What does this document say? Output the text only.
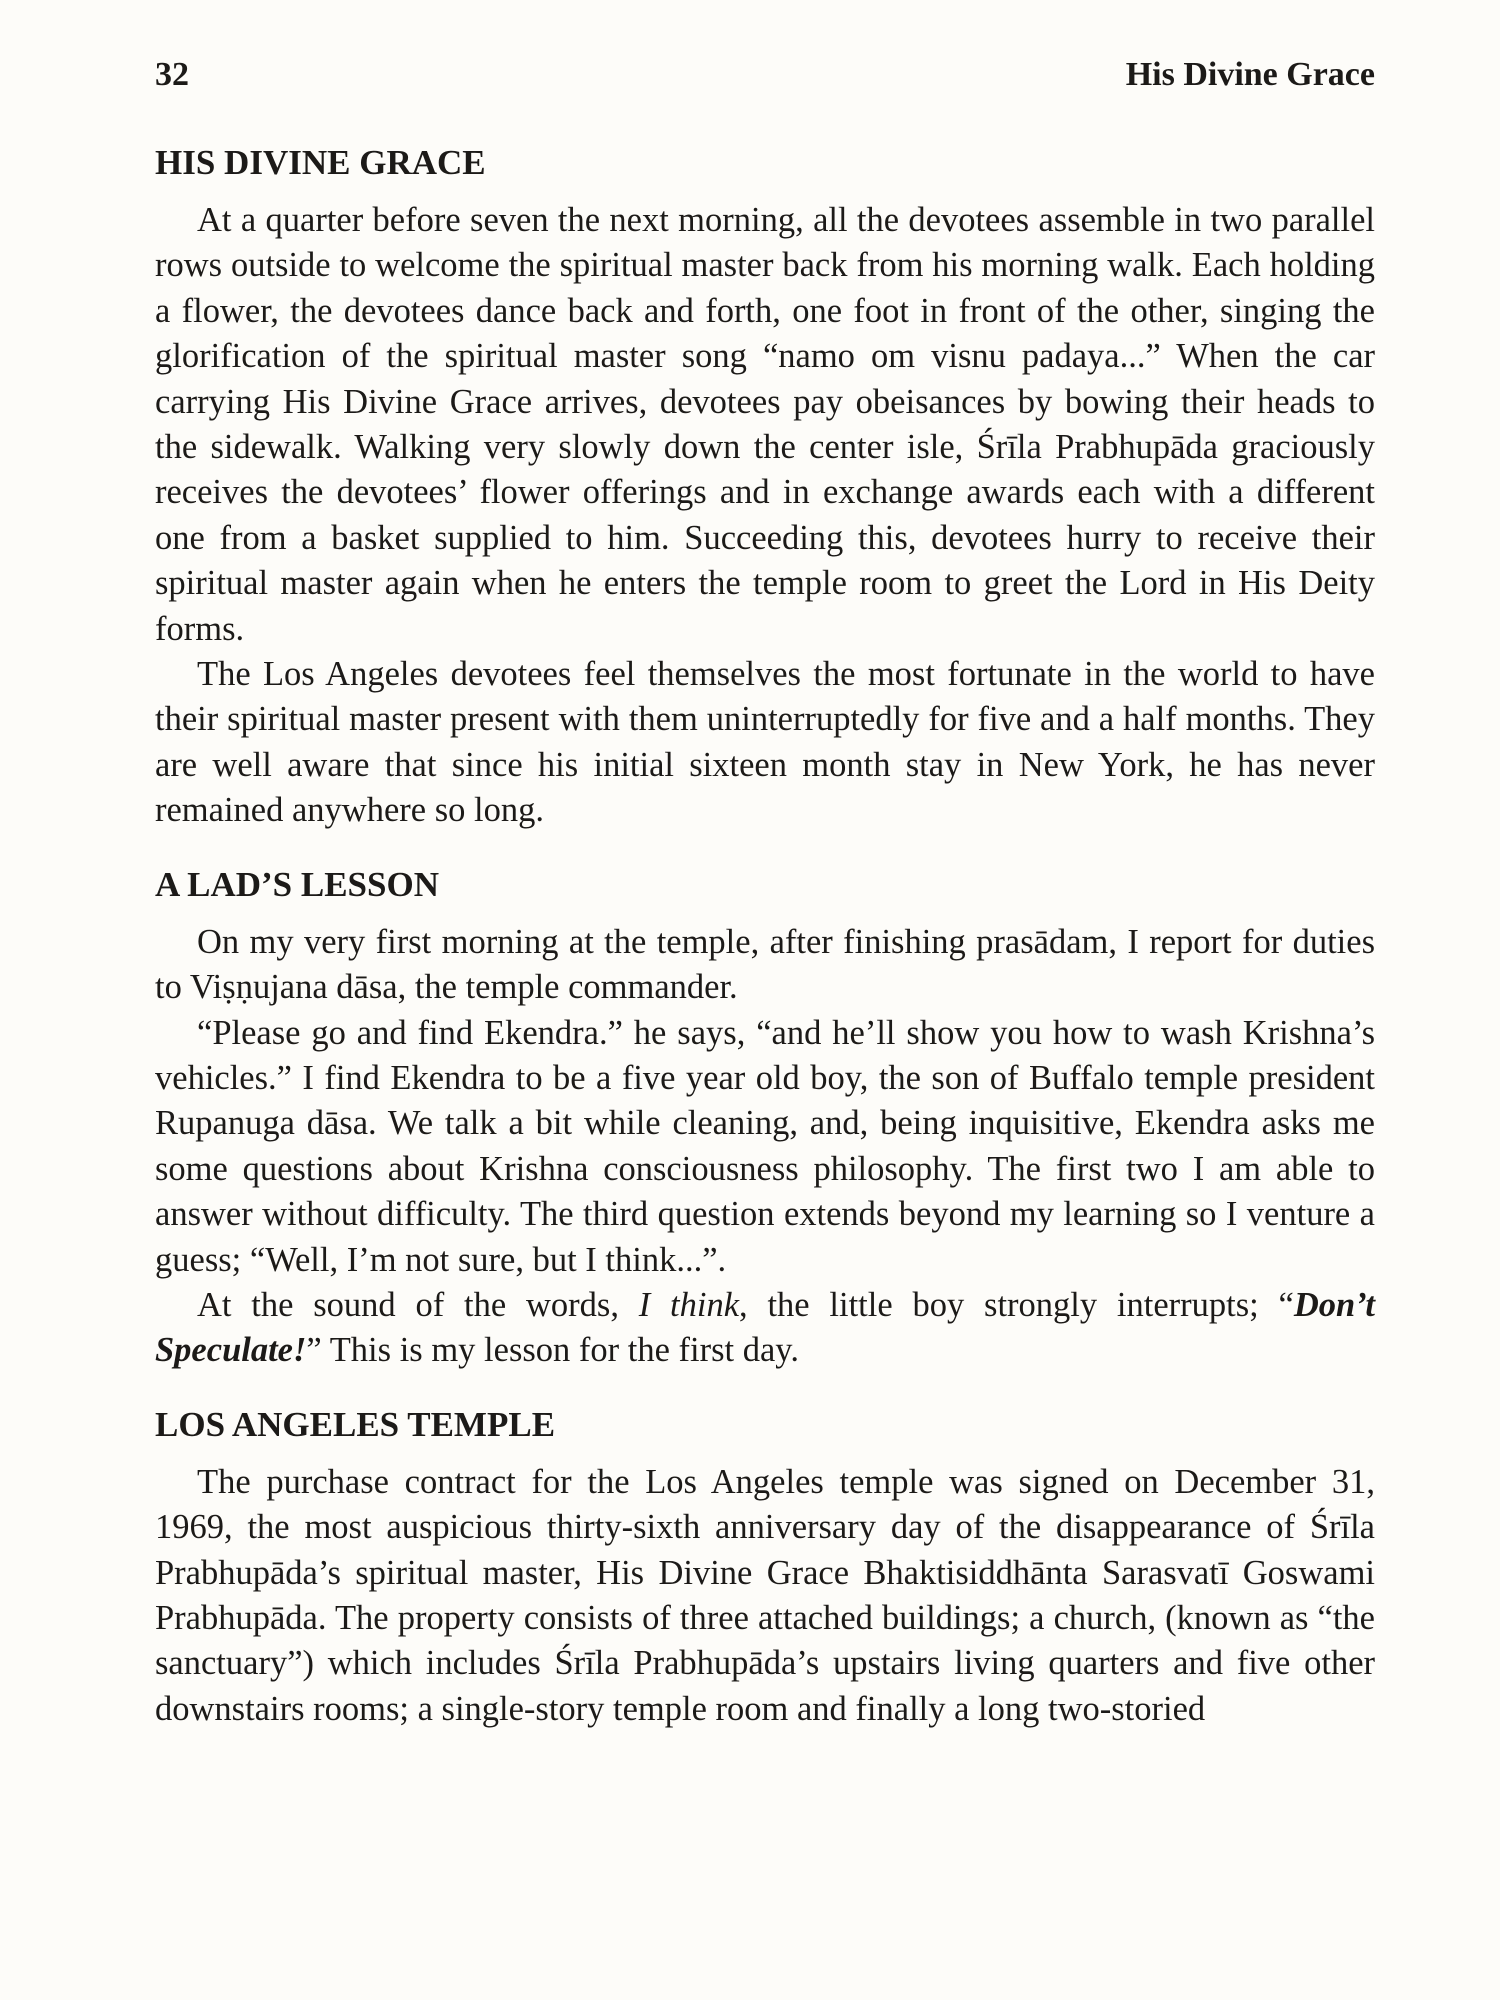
32	His Divine Grace
HIS DIVINE GRACE

At a quarter before seven the next morning, all the devotees assemble in two parallel rows outside to welcome the spiritual master back from his morning walk. Each holding a flower, the devotees dance back and forth, one foot in front of the other, singing the glorification of the spiritual master song “namo om visnu padaya...” When the car carrying His Divine Grace arrives, devotees pay obeisances by bowing their heads to the sidewalk. Walking very slowly down the center isle, Śrīla Prabhupāda graciously receives the devotees’ flower offerings and in exchange awards each with a different one from a basket supplied to him. Succeeding this, devotees hurry to receive their spiritual master again when he enters the temple room to greet the Lord in His Deity forms.

The Los Angeles devotees feel themselves the most fortunate in the world to have their spiritual master present with them uninterruptedly for five and a half months. They are well aware that since his initial sixteen month stay in New York, he has never remained anywhere so long.

A LAD’S LESSON

On my very first morning at the temple, after finishing prasādam, I report for duties to Viṣṇujana dāsa, the temple commander.

“Please go and find Ekendra.” he says, “and he’ll show you how to wash Krishna’s vehicles.” I find Ekendra to be a five year old boy, the son of Buffalo temple president Rupanuga dāsa. We talk a bit while cleaning, and, being inquisitive, Ekendra asks me some questions about Krishna consciousness philosophy. The first two I am able to answer without difficulty. The third question extends beyond my learning so I venture a guess; “Well, I’m not sure, but I think...”.

At the sound of the words, I think, the little boy strongly interrupts; “Don’t Speculate!” This is my lesson for the first day.

LOS ANGELES TEMPLE

The purchase contract for the Los Angeles temple was signed on December 31, 1969, the most auspicious thirty-sixth anniversary day of the disappearance of Śrīla Prabhupāda’s spiritual master, His Divine Grace Bhaktisiddhānta Sarasvatī Goswami Prabhupāda. The property consists of three attached buildings; a church, (known as “the sanctuary”) which includes Śrīla Prabhupāda’s upstairs living quarters and five other downstairs rooms; a single-story temple room and finally a long two-storied
